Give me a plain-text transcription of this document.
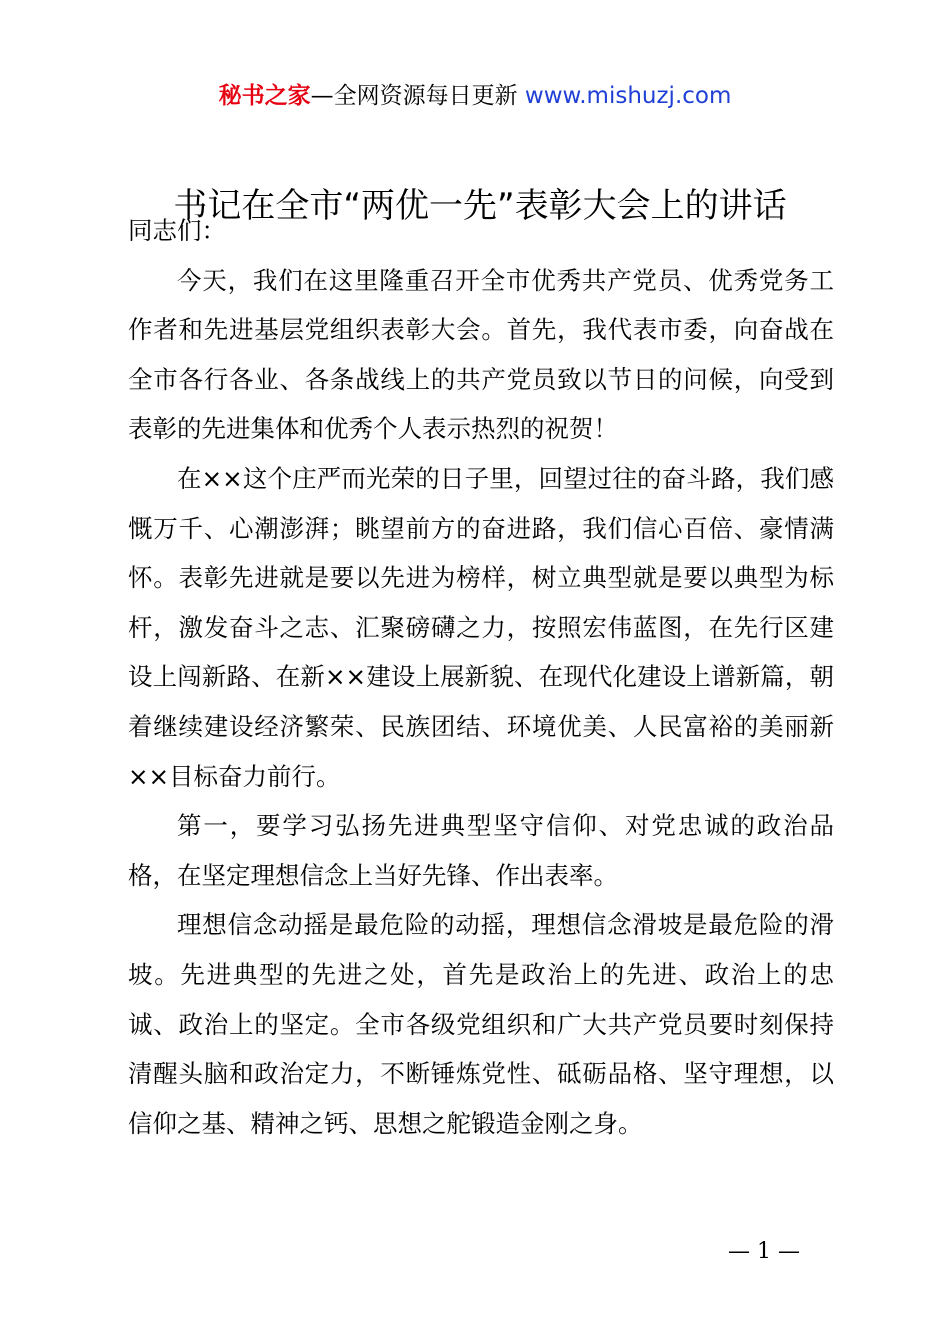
秘书之家—全网资源每日更新 www.mishuzj.com
书记在全市“两优一先”表彰大会上的讲话

同志们：

今天，我们在这里隆重召开全市优秀共产党员、优秀党务工作者和先进基层党组织表彰大会。首先，我代表市委，向奋战在全市各行各业、各条战线上的共产党员致以节日的问候，向受到表彰的先进集体和优秀个人表示热烈的祝贺！

在××这个庄严而光荣的日子里，回望过往的奋斗路，我们感慨万千、心潮澎湃；眺望前方的奋进路，我们信心百倍、豪情满怀。表彰先进就是要以先进为榜样，树立典型就是要以典型为标杆，激发奋斗之志、汇聚磅礴之力，按照宏伟蓝图，在先行区建设上闯新路、在新××建设上展新貌、在现代化建设上谱新篇，朝着继续建设经济繁荣、民族团结、环境优美、人民富裕的美丽新××目标奋力前行。

第一，要学习弘扬先进典型坚守信仰、对党忠诚的政治品格，在坚定理想信念上当好先锋、作出表率。

理想信念动摇是最危险的动摇，理想信念滑坡是最危险的滑坡。先进典型的先进之处，首先是政治上的先进、政治上的忠诚、政治上的坚定。全市各级党组织和广大共产党员要时刻保持清醒头脑和政治定力，不断锤炼党性、砥砺品格、坚守理想，以信仰之基、精神之钙、思想之舵锻造金刚之身。

— 1 —
